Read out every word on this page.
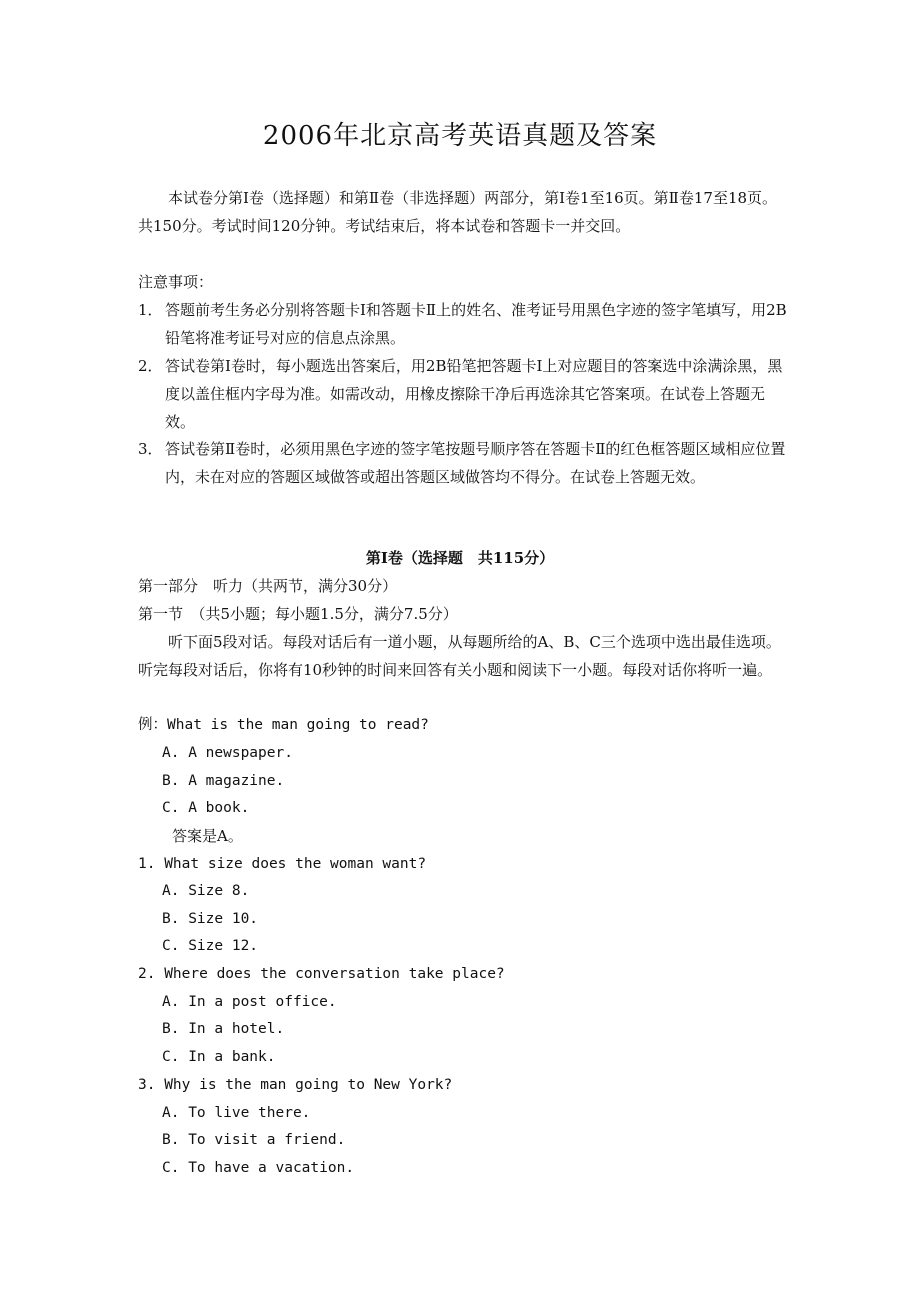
2006年北京高考英语真题及答案
本试卷分第Ⅰ卷（选择题）和第Ⅱ卷（非选择题）两部分，第Ⅰ卷1至16页。第Ⅱ卷17至18页。共150分。考试时间120分钟。考试结束后，将本试卷和答题卡一并交回。
注意事项：
1． 答题前考生务必分别将答题卡Ⅰ和答题卡Ⅱ上的姓名、准考证号用黑色字迹的签字笔填写，用2B铅笔将准考证号对应的信息点涂黑。
2． 答试卷第Ⅰ卷时，每小题选出答案后，用2B铅笔把答题卡Ⅰ上对应题目的答案选中涂满涂黑，黑度以盖住框内字母为准。如需改动，用橡皮擦除干净后再选涂其它答案项。在试卷上答题无效。
3． 答试卷第Ⅱ卷时，必须用黑色字迹的签字笔按题号顺序答在答题卡Ⅱ的红色框答题区域相应位置内，未在对应的答题区域做答或超出答题区域做答均不得分。在试卷上答题无效。
第Ⅰ卷（选择题　共115分）
第一部分　听力（共两节，满分30分）
第一节　（共5小题；每小题1.5分，满分7.5分）
听下面5段对话。每段对话后有一道小题，从每题所给的A、B、C三个选项中选出最佳选项。听完每段对话后，你将有10秒钟的时间来回答有关小题和阅读下一小题。每段对话你将听一遍。
例：What is the man going to read?
A. A newspaper.
B. A magazine.
C. A book.
答案是A。
1. What size does the woman want?
A. Size 8.
B. Size 10.
C. Size 12.
2. Where does the conversation take place?
A. In a post office.
B. In a hotel.
C. In a bank.
3. Why is the man going to New York?
A. To live there.
B. To visit a friend.
C. To have a vacation.
